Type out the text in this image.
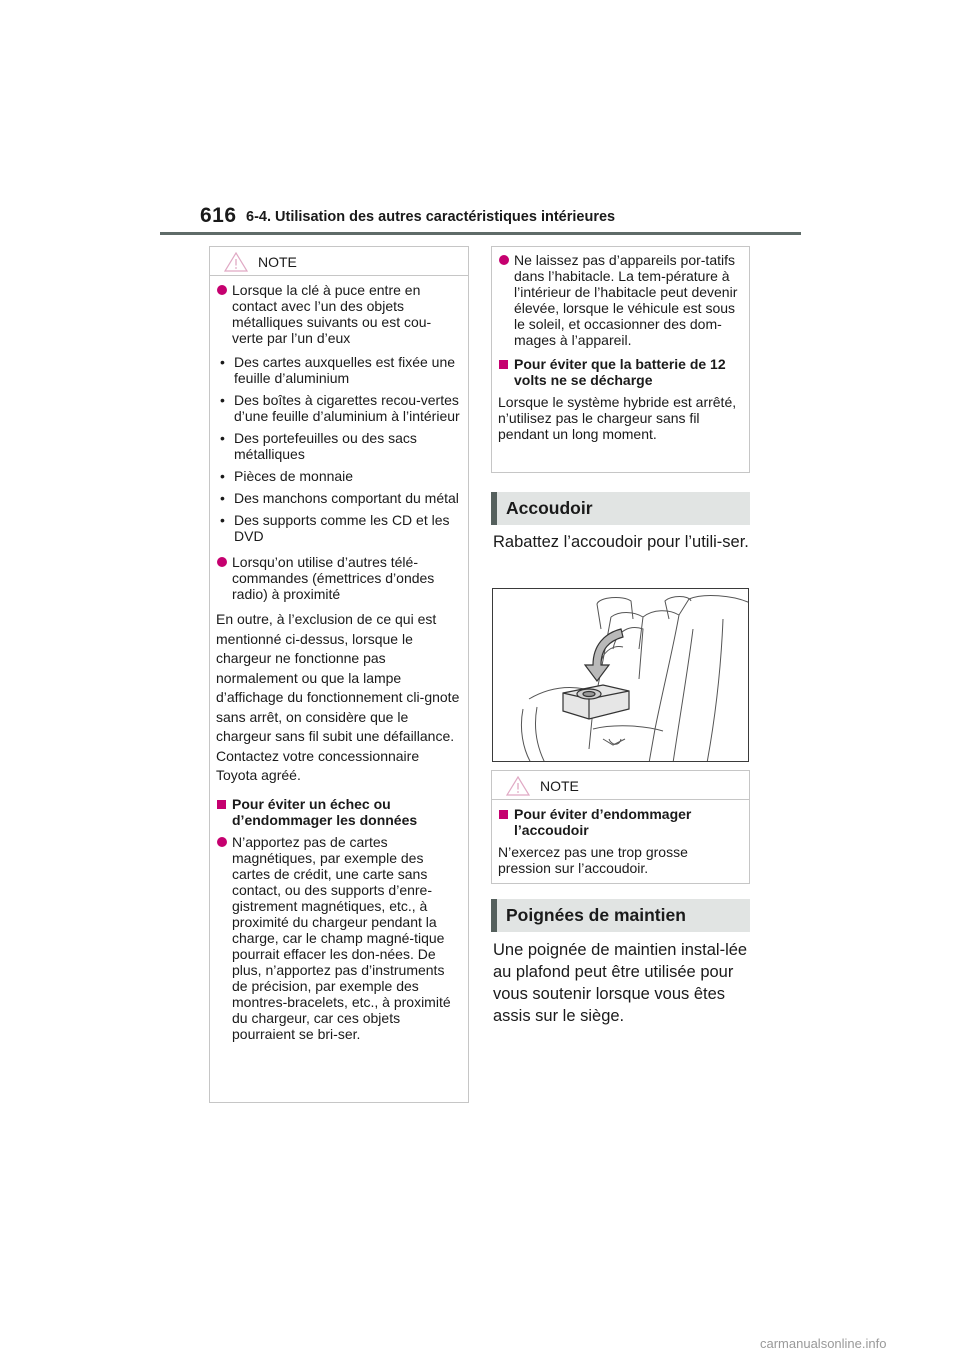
616 6-4. Utilisation des autres caractéristiques intérieures
NOTE
Lorsque la clé à puce entre en contact avec l’un des objets métalliques suivants ou est cou-verte par l’un d’eux
• Des cartes auxquelles est fixée une feuille d’aluminium
• Des boîtes à cigarettes recou-vertes d’une feuille d’aluminium à l’intérieur
• Des portefeuilles ou des sacs métalliques
• Pièces de monnaie
• Des manchons comportant du métal
• Des supports comme les CD et les DVD
Lorsqu’on utilise d’autres télé-commandes (émettrices d’ondes radio) à proximité
En outre, à l’exclusion de ce qui est mentionné ci-dessus, lorsque le chargeur ne fonctionne pas normalement ou que la lampe d’affichage du fonctionnement cli-gnote sans arrêt, on considère que le chargeur sans fil subit une défaillance. Contactez votre concessionnaire Toyota agréé.
Pour éviter un échec ou d’endommager les données
N’apportez pas de cartes magnétiques, par exemple des cartes de crédit, une carte sans contact, ou des supports d’enre-gistrement magnétiques, etc., à proximité du chargeur pendant la charge, car le champ magné-tique pourrait effacer les don-nées. De plus, n’apportez pas d’instruments de précision, par exemple des montres-bracelets, etc., à proximité du chargeur, car ces objets pourraient se bri-ser.
Ne laissez pas d’appareils por-tatifs dans l’habitacle. La tem-pérature à l’intérieur de l’habitacle peut devenir élevée, lorsque le véhicule est sous le soleil, et occasionner des dom-mages à l’appareil.
Pour éviter que la batterie de 12 volts ne se décharge
Lorsque le système hybride est arrêté, n’utilisez pas le chargeur sans fil pendant un long moment.
Accoudoir
Rabattez l’accoudoir pour l’utili-ser.
NOTE
Pour éviter d’endommager l’accoudoir
N’exercez pas une trop grosse pression sur l’accoudoir.
Poignées de maintien
Une poignée de maintien instal-lée au plafond peut être utilisée pour vous soutenir lorsque vous êtes assis sur le siège.
carmanualsonline.info
